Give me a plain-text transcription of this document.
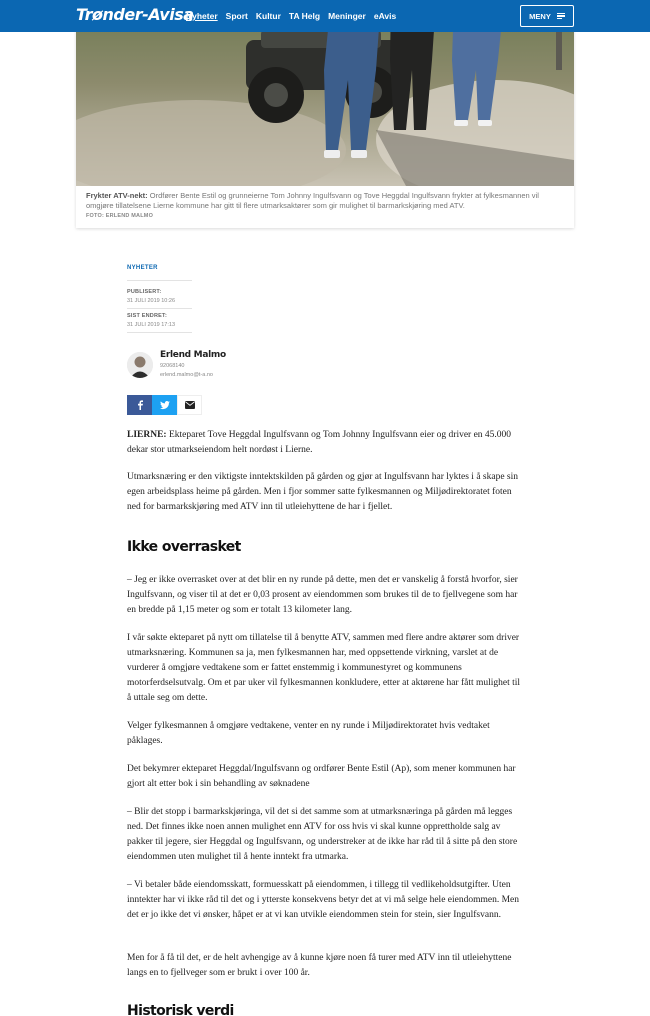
Frykter ATV-nekt: Ordfører Bente Estil og grunneierne Tom Johnny Ingulfsvann og Tove Heggdal Ingulfsvann frykter at fylkesmannen vil omgjøre tillatelsene Lierne kommune har gitt til flere utmarksaktører som gir mulighet til barmarkskjøring med ATV.
FOTO: ERLEND MALMO
Trønder-Avisa
Nyheter Sport Kultur TA Helg Meninger eAvis	MENY
NYHETER
PUBLISERT:
31 JULI 2019 10:26
SIST ENDRET:
31 JULI 2019 17:13
Erlend Malmo
92068140
erlend.malmo@t-a.no

LIERNE: Ekteparet Tove Heggdal Ingulfsvann og Tom Johnny Ingulfsvann eier og driver en 45.000 dekar stor utmarkseiendom helt nordøst i Lierne.

Utmarksnæring er den viktigste inntektskilden på gården og gjør at Ingulfsvann har lyktes i å skape sin egen arbeidsplass heime på gården. Men i fjor sommer satte fylkesmannen og Miljødirektoratet foten ned for barmarkskjøring med ATV inn til utleiehyttene de har i fjellet.

Ikke overrasket

– Jeg er ikke overrasket over at det blir en ny runde på dette, men det er vanskelig å forstå hvorfor, sier Ingulfsvann, og viser til at det er 0,03 prosent av eiendommen som brukes til de to fjellvegene som har en bredde på 1,15 meter og som er totalt 13 kilometer lang.

I vår søkte ekteparet på nytt om tillatelse til å benytte ATV, sammen med flere andre aktører som driver utmarksnæring. Kommunen sa ja, men fylkesmannen har, med oppsettende virkning, varslet at de vurderer å omgjøre vedtakene som er fattet enstemmig i kommunestyret og kommunens motorferdselsutvalg. Om et par uker vil fylkesmannen konkludere, etter at aktørene har fått mulighet til å uttale seg om dette.

Velger fylkesmannen å omgjøre vedtakene, venter en ny runde i Miljødirektoratet hvis vedtaket påklages.

Det bekymrer ekteparet Heggdal/Ingulfsvann og ordfører Bente Estil (Ap), som mener kommunen har gjort alt etter bok i sin behandling av søknadene

– Blir det stopp i barmarkskjøringa, vil det si det samme som at utmarksnæringa på gården må legges ned. Det finnes ikke noen annen mulighet enn ATV for oss hvis vi skal kunne opprettholde salg av pakker til jegere, sier Heggdal og Ingulfsvann, og understreker at de ikke har råd til å sitte på den store eiendommen uten mulighet til å hente inntekt fra utmarka.

– Vi betaler både eiendomsskatt, formuesskatt på eiendommen, i tillegg til vedlikeholdsutgifter. Uten inntekter har vi ikke råd til det og i ytterste konsekvens betyr det at vi må selge hele eiendommen. Men det er jo ikke det vi ønsker, håpet er at vi kan utvikle eiendommen stein for stein, sier Ingulfsvann.

Men for å få til det, er de helt avhengige av å kunne kjøre noen få turer med ATV inn til utleiehyttene langs en to fjellveger som er brukt i over 100 år.

Historisk verdi
